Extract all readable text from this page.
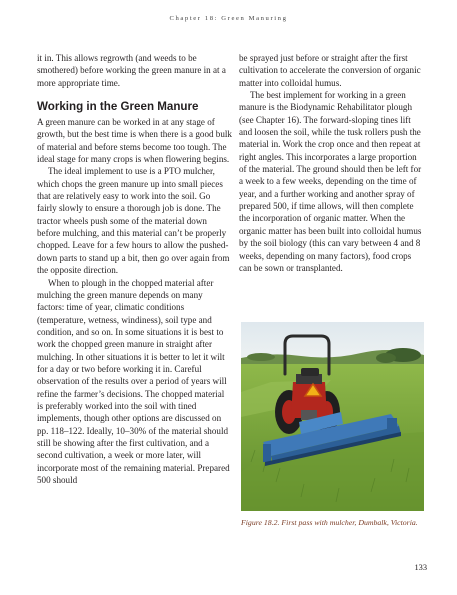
Chapter 18: Green Manuring

it in. This allows regrowth (and weeds to be smothered) before working the green manure in at a more appropriate time.

Working in the Green Manure

A green manure can be worked in at any stage of growth, but the best time is when there is a good bulk of material and before stems become too tough. The ideal stage for many crops is when flowering begins.

The ideal implement to use is a PTO mulcher, which chops the green manure up into small pieces that are relatively easy to work into the soil. Go fairly slowly to ensure a thorough job is done. The tractor wheels push some of the material down before mulching, and this material can’t be properly chopped. Leave for a few hours to allow the pushed-down parts to stand up a bit, then go over again from the opposite direction.

When to plough in the chopped material after mulching the green manure depends on many factors: time of year, climatic conditions (temperature, wetness, windiness), soil type and condition, and so on. In some situations it is best to work the chopped green manure in straight after mulching. In other situations it is better to let it wilt for a day or two before working it in. Careful observation of the results over a period of years will refine the farmer’s decisions. The chopped material is preferably worked into the soil with tined implements, though other options are discussed on pp. 118–122. Ideally, 10–30% of the material should still be showing after the first cultivation, and a second cultivation, a week or more later, will incorporate most of the remaining material. Prepared 500 should

be sprayed just before or straight after the first cultivation to accelerate the conversion of organic matter into colloidal humus.

The best implement for working in a green manure is the Biodynamic Rehabilitator plough (see Chapter 16). The forward-sloping tines lift and loosen the soil, while the tusk rollers push the material in. Work the crop once and then repeat at right angles. This incorporates a large proportion of the material. The ground should then be left for a week to a few weeks, depending on the time of year, and a further working and another spray of prepared 500, if time allows, will then complete the incorporation of organic matter. When the organic matter has been built into colloidal humus by the soil biology (this can vary between 4 and 8 weeks, depending on many factors), food crops can be sown or transplanted.

Figure 18.2. First pass with mulcher, Dumbalk, Victoria.
133
